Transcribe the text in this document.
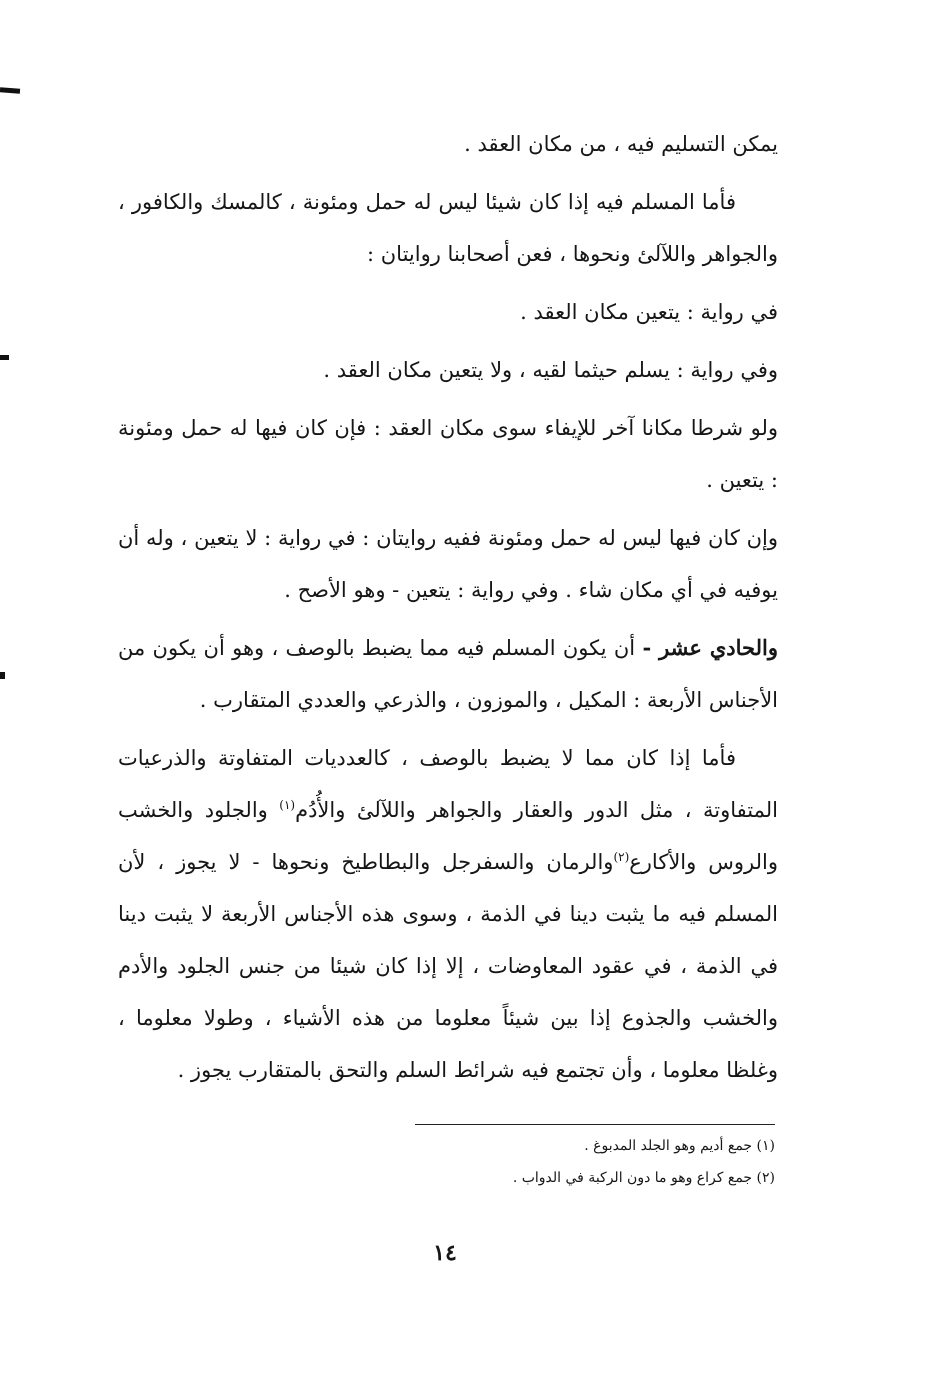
يمكن التسليم فيه ، من مكان العقد .

فأما المسلم فيه إذا كان شيئا ليس له حمل ومئونة ، كالمسك والكافور ، والجواهر واللآلئ ونحوها ، فعن أصحابنا روايتان :

في رواية : يتعين مكان العقد .

وفي رواية : يسلم حيثما لقيه ، ولا يتعين مكان العقد .

ولو شرطا مكانا آخر للإيفاء سوى مكان العقد : فإن كان فيها له حمل ومئونة : يتعين .

وإن كان فيها ليس له حمل ومئونة ففيه روايتان : في رواية : لا يتعين ، وله أن يوفيه في أي مكان شاء . وفي رواية : يتعين - وهو الأصح .

والحادي عشر - أن يكون المسلم فيه مما يضبط بالوصف ، وهو أن يكون من الأجناس الأربعة : المكيل ، والموزون ، والذرعي والعددي المتقارب .

فأما إذا كان مما لا يضبط بالوصف ، كالعدديات المتفاوتة والذرعيات المتفاوتة ، مثل الدور والعقار والجواهر واللآلئ والأُدُم$^{(١)}$ والجلود والخشب والروس والأكارع$^{(٢)}$والرمان والسفرجل والبطاطيخ ونحوها - لا يجوز ، لأن المسلم فيه ما يثبت دينا في الذمة ، وسوى هذه الأجناس الأربعة لا يثبت دينا في الذمة ، في عقود المعاوضات ، إلا إذا كان شيئا من جنس الجلود والأدم والخشب والجذوع إذا بين شيئاً معلوما من هذه الأشياء ، وطولا معلوما ، وغلظا معلوما ، وأن تجتمع فيه شرائط السلم والتحق بالمتقارب يجوز .

(١) جمع أديم وهو الجلد المدبوغ .

(٢) جمع كراع وهو ما دون الركبة في الدواب .

١٤
